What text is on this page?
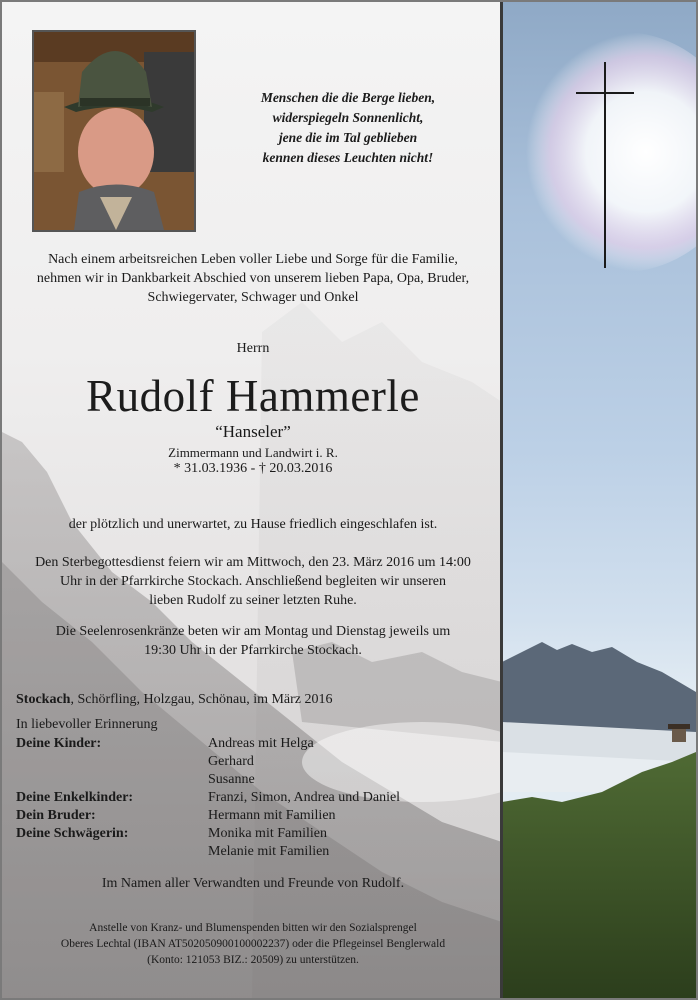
Menschen die die Berge lieben,
widerspiegeln Sonnenlicht,
jene die im Tal geblieben
kennen dieses Leuchten nicht!
Nach einem arbeitsreichen Leben voller Liebe und Sorge für die Familie,
nehmen wir in Dankbarkeit Abschied von unserem lieben Papa, Opa, Bruder,
Schwiegervater, Schwager und Onkel
Herrn
Rudolf Hammerle
“Hanseler”
Zimmermann und Landwirt i. R.
* 31.03.1936 - † 20.03.2016
der plötzlich und unerwartet, zu Hause friedlich eingeschlafen ist.
Den Sterbegottesdienst feiern wir am Mittwoch, den 23. März 2016 um 14:00
Uhr in der Pfarrkirche Stockach. Anschließend begleiten wir unseren
lieben Rudolf zu seiner letzten Ruhe.
Die Seelenrosenkränze beten wir am Montag und Dienstag jeweils um
19:30 Uhr in der Pfarrkirche Stockach.
Stockach, Schörfling, Holzgau, Schönau, im März 2016
In liebevoller Erinnerung
Deine Kinder:	Andreas mit Helga
Gerhard
Susanne
Deine Enkelkinder:	Franzi, Simon, Andrea und Daniel
Dein Bruder:	Hermann mit Familien
Deine Schwägerin:	Monika mit Familien
Melanie mit Familien
Im Namen aller Verwandten und Freunde von Rudolf.
Anstelle von Kranz- und Blumenspenden bitten wir den Sozialsprengel
Oberes Lechtal (IBAN AT502050900100002237) oder die Pflegeinsel Benglerwald
(Konto: 121053 BIZ.: 20509) zu unterstützen.
